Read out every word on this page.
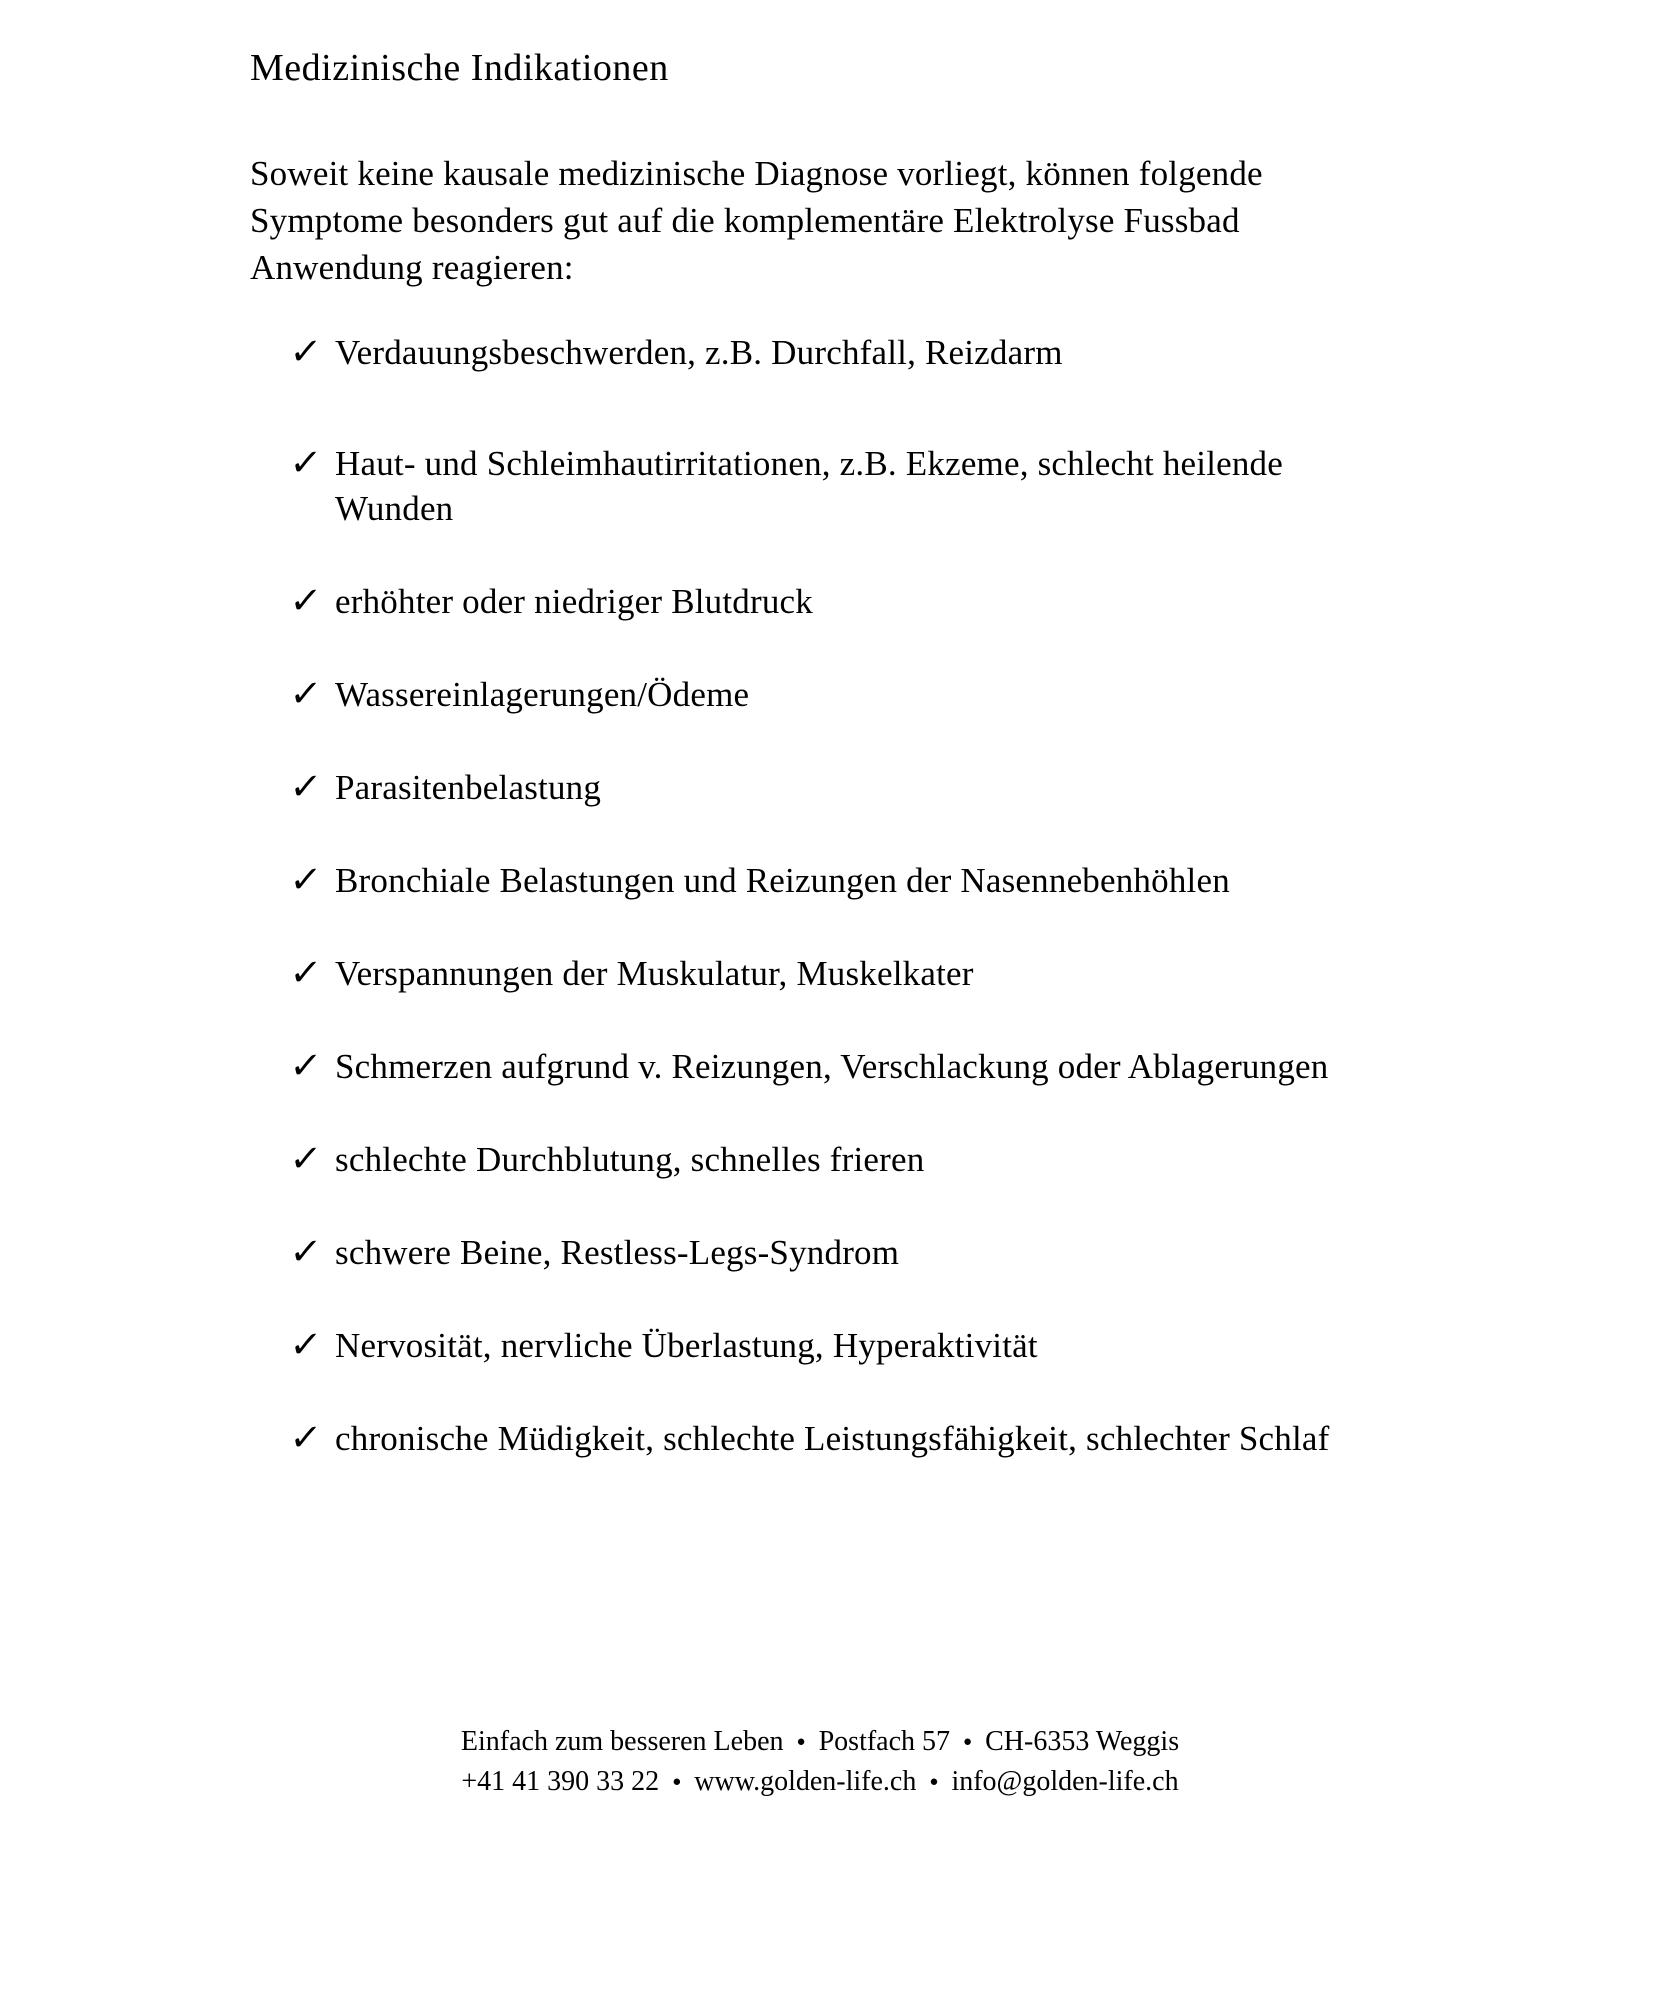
Medizinische Indikationen

Soweit keine kausale medizinische Diagnose vorliegt, können folgende Symptome besonders gut auf die komplementäre Elektrolyse Fussbad Anwendung reagieren:

✓ Verdauungsbeschwerden, z.B. Durchfall, Reizdarm
✓ Haut- und Schleimhautirritationen, z.B. Ekzeme, schlecht heilende Wunden
✓ erhöhter oder niedriger Blutdruck
✓ Wassereinlagerungen/Ödeme
✓ Parasitenbelastung
✓ Bronchiale Belastungen und Reizungen der Nasennebenhöhlen
✓ Verspannungen der Muskulatur, Muskelkater
✓ Schmerzen aufgrund v. Reizungen, Verschlackung oder Ablagerungen
✓ schlechte Durchblutung, schnelles frieren
✓ schwere Beine, Restless-Legs-Syndrom
✓ Nervosität, nervliche Überlastung, Hyperaktivität
✓ chronische Müdigkeit, schlechte Leistungsfähigkeit, schlechter Schlaf
Einfach zum besseren Leben ● Postfach 57 ● CH-6353 Weggis
+41 41 390 33 22 ● www.golden-life.ch ● info@golden-life.ch
